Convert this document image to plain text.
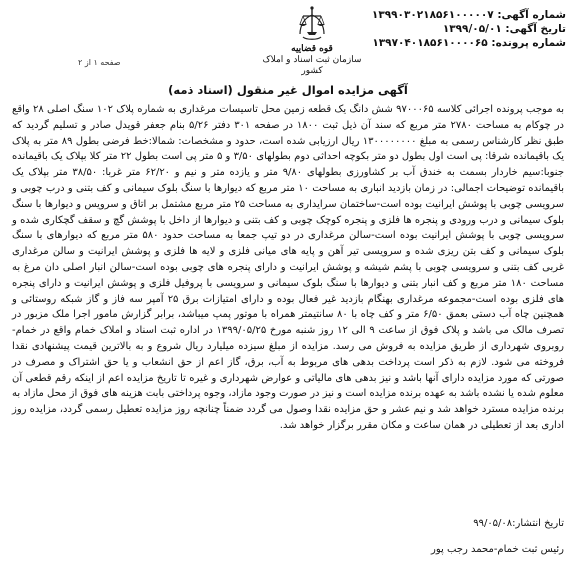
شماره آگهی: ۱۳۹۹۰۳۰۲۱۸۵۶۱۰۰۰۰۰۷
تاریخ آگهی: ۱۳۹۹/۰۵/۰۱
شماره پرونده: ۱۳۹۷۰۴۰۱۸۵۶۱۰۰۰۰۶۵
قوه قضاییه
سازمان ثبت اسناد و املاک کشور
صفحه ۱ از ۲
آگهی مزایده اموال غیر منقول (اسناد ذمه)

به موجب پرونده اجرائی کلاسه ۹۷۰۰۰۶۵ شش دانگ یک قطعه زمین محل تاسیسات مرغداری به شماره پلاک ۱۰۲ سنگ اصلی ۲۸ واقع در چوکام به مساحت ۲۷۸۰ متر مربع که سند آن ذیل ثبت ۱۸۰۰ در صفحه ۳۰۱ دفتر ۵/۲۶ بنام جعفر قویدل صادر و تسلیم گردید که طبق نظر کارشناس رسمی به مبلغ ۱۳۰۰۰۰۰۰۰۰ ریال ارزیابی شده است، حدود و مشخصات: شمالا:خط فرضی بطول ۸۹ متر به پلاک یک باقیمانده شرقا: پی است اول بطول دو متر بکوچه احداثی دوم بطولهای ۳/۵۰ و ۵ متر پی است بطول ۲۲ متر کلا بپلاک یک باقیمانده جنوبا:سیم خاردار بسمت به خندق آب بر کشاورزی بطولهای ۹/۸۰ متر و یازده متر و نیم و ۶۲/۲۰ متر غربا: ۳۸/۵۰ متر بپلاک یک باقیمانده توضیحات اجمالی: در زمان بازدید انباری به مساحت ۱۰ متر مربع که دیوارها با سنگ بلوک سیمانی و کف بتنی و درب چوبی و سرویسی چوبی با پوشش ایرانیت بوده است-ساختمان سرایداری به مساحت ۲۵ متر مربع مشتمل بر اتاق و سرویس و دیوارها با سنگ بلوک سیمانی و درب ورودی و پنجره ها فلزی و پنجره کوچک چوبی و کف بتنی و دیوارها از داخل با پوشش گچ و سقف گچکاری شده و سرویسی چوبی با پوشش ایرانیت بوده است-سالن مرغداری در دو تیپ جمعا به مساحت حدود ۵۸۰ متر مربع که دیوارهای با سنگ بلوک سیمانی و کف بتن ریزی شده و سرویسی تیر آهن و پایه های میانی فلزی و لایه ها فلزی و پوشش ایرانیت و سالن مرغداری غربی کف بتنی و سرویسی چوبی با پشم شیشه و پوشش ایرانیت و دارای پنجره های چوبی بوده است-سالن انبار اصلی دان مرغ به مساحت ۱۸۰ متر مربع و کف انبار بتنی و دیوارها با سنگ بلوک سیمانی و سرویسی با پروفیل فلزی و پوشش ایرانیت و دارای پنجره های فلزی بوده است-مجموعه مرغداری بهنگام بازدید غیر فعال بوده و دارای امتیازات برق ۲۵ آمپر سه فاز و گاز شبکه روستائی و همچنین چاه آب دستی بعمق ۶/۵۰ متر و کف چاه با ۸۰ سانتیمتر همراه با موتور پمپ میباشد، برابر گزارش مامور اجرا ملک مزبور در تصرف مالک می باشد و پلاک فوق از ساعت ۹ الی ۱۲ روز شنبه مورخ ۱۳۹۹/۰۵/۲۵ در اداره ثبت اسناد و املاک خمام واقع در خمام-روبروی شهرداری از طریق مزایده به فروش می رسد. مزایده از مبلغ سیزده میلیارد ریال شروع و به بالاترین قیمت پیشنهادی نقدا فروخته می شود. لازم به ذکر است پرداخت بدهی های مربوط به آب، برق، گاز اعم از حق انشعاب و یا حق اشتراک و مصرف در صورتی که مورد مزایده دارای آنها باشد و نیز بدهی های مالیاتی و عوارض شهرداری و غیره تا تاریخ مزایده اعم از اینکه رقم قطعی آن معلوم شده یا نشده باشد به عهده برنده مزایده است و نیز در صورت وجود مازاد، وجوه پرداختی بابت هزینه های فوق از محل مازاد به برنده مزایده مسترد خواهد شد و نیم عشر و حق مزایده نقدا وصول می گردد ضمناً چنانچه روز مزایده تعطیل رسمی گردد، مزایده روز اداری بعد از تعطیلی در همان ساعت و مکان مقرر برگزار خواهد شد.

تاریخ انتشار:۹۹/۰۵/۰۸
رئیس ثبت خمام-محمد رجب پور
